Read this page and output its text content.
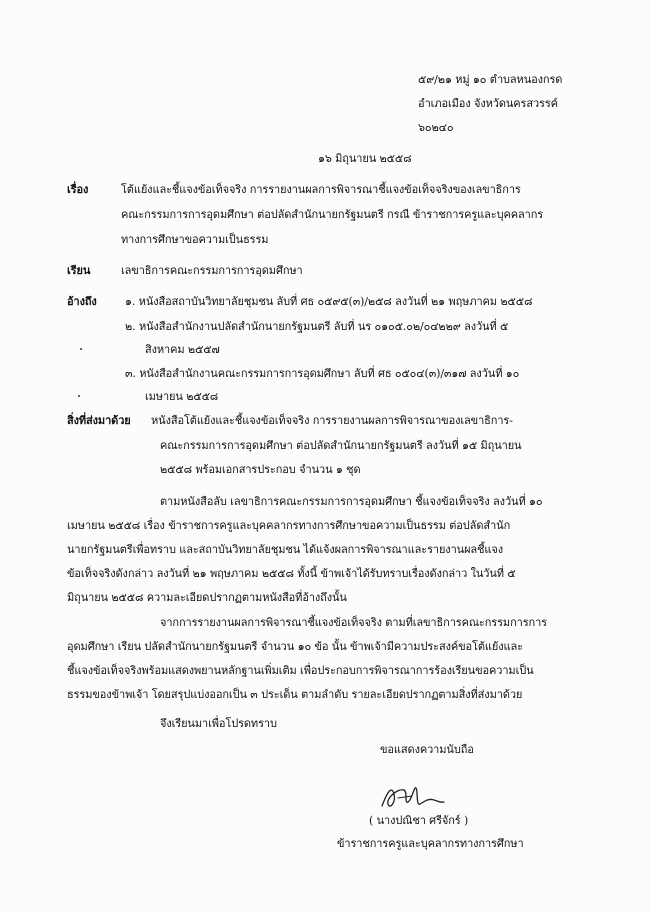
๕๙/๒๑ หมู่ ๑๐ ตำบลหนองกรด
อำเภอเมือง จังหวัดนครสวรรค์
๖๐๒๔๐
๑๖ มิถุนายน ๒๕๕๘
เรื่อง	โต้แย้งและชี้แจงข้อเท็จจริง การรายงานผลการพิจารณาชี้แจงข้อเท็จจริงของเลขาธิการ
คณะกรรมการการอุดมศึกษา ต่อปลัดสำนักนายกรัฐมนตรี กรณี ข้าราชการครูและบุคคลากร
ทางการศึกษาขอความเป็นธรรม
เรียน	เลขาธิการคณะกรรมการการอุดมศึกษา
อ้างถึง	๑. หนังสือสถาบันวิทยาลัยชุมชน ลับที่ ศธ ๐๕๙๕(๓)/๒๕๘ ลงวันที่ ๒๑ พฤษภาคม ๒๕๕๘
๒. หนังสือสำนักงานปลัดสำนักนายกรัฐมนตรี ลับที่ นร ๐๑๐๕.๐๒/๐๔๒๒๙ ลงวันที่ ๕
สิงหาคม ๒๕๕๗
๓. หนังสือสำนักงานคณะกรรมการการอุดมศึกษา ลับที่ ศธ ๐๕๐๔(๓)/๓๑๗ ลงวันที่ ๑๐
เมษายน ๒๕๕๘
สิ่งที่ส่งมาด้วย หนังสือโต้แย้งและชี้แจงข้อเท็จจริง การรายงานผลการพิจารณาของเลขาธิการ-
คณะกรรมการการอุดมศึกษา ต่อปลัดสำนักนายกรัฐมนตรี ลงวันที่ ๑๕ มิถุนายน
๒๕๕๘ พร้อมเอกสารประกอบ จำนวน ๑ ชุด
ตามหนังสือลับ เลขาธิการคณะกรรมการการอุดมศึกษา ชี้แจงข้อเท็จจริง ลงวันที่ ๑๐
เมษายน ๒๕๕๘ เรื่อง ข้าราชการครูและบุคคลากรทางการศึกษาขอความเป็นธรรม ต่อปลัดสำนัก
นายกรัฐมนตรีเพื่อทราบ และสถาบันวิทยาลัยชุมชน ได้แจ้งผลการพิจารณาและรายงานผลชี้แจง
ข้อเท็จจริงดังกล่าว ลงวันที่ ๒๑ พฤษภาคม ๒๕๕๘ ทั้งนี้ ข้าพเจ้าได้รับทราบเรื่องดังกล่าว ในวันที่ ๕
มิถุนายน ๒๕๕๘ ความละเอียดปรากฏตามหนังสือที่อ้างถึงนั้น
จากการรายงานผลการพิจารณาชี้แจงข้อเท็จจริง ตามที่เลขาธิการคณะกรรมการการ
อุดมศึกษา เรียน ปลัดสำนักนายกรัฐมนตรี จำนวน ๑๐ ข้อ นั้น ข้าพเจ้ามีความประสงค์ขอโต้แย้งและ
ชี้แจงข้อเท็จจริงพร้อมแสดงพยานหลักฐานเพิ่มเติม เพื่อประกอบการพิจารณาการร้องเรียนขอความเป็น
ธรรมของข้าพเจ้า โดยสรุปแบ่งออกเป็น ๓ ประเด็น ตามลำดับ รายละเอียดปรากฏตามสิ่งที่ส่งมาด้วย
จึงเรียนมาเพื่อโปรดทราบ
ขอแสดงความนับถือ
( นางปณิชา ศรีจักร์ )
ข้าราชการครูและบุคลากรทางการศึกษา
